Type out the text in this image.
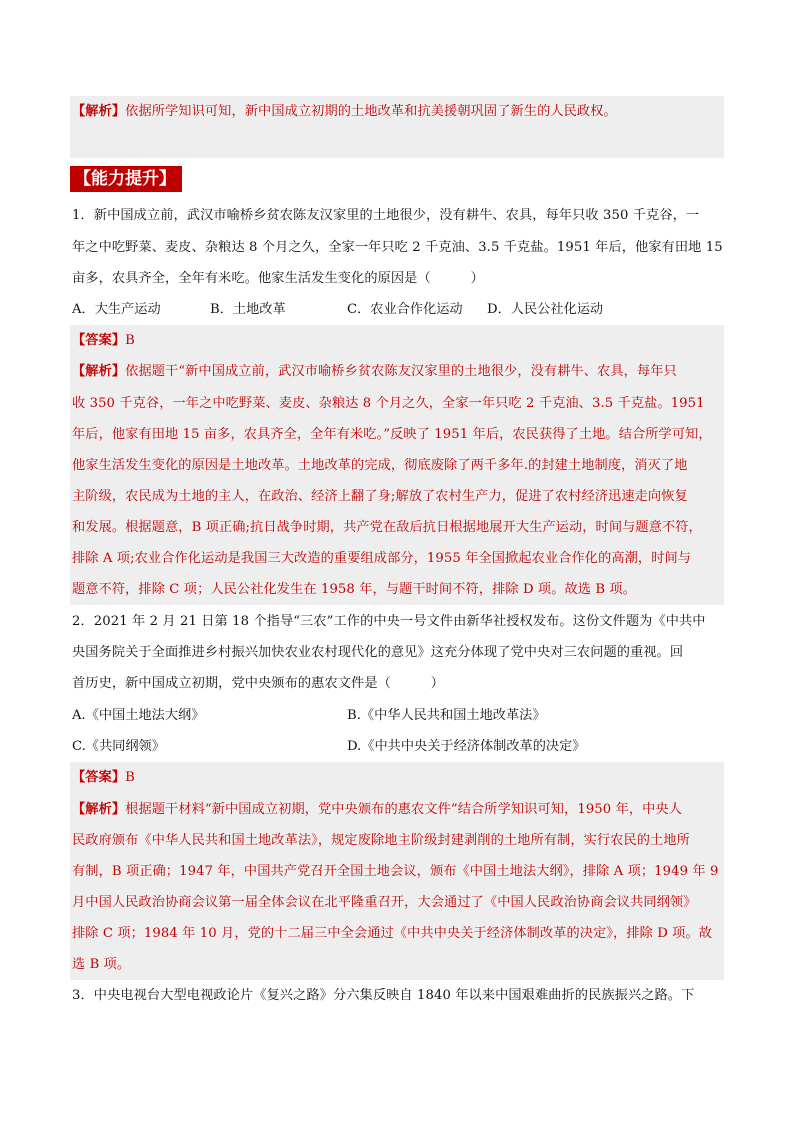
【解析】依据所学知识可知，新中国成立初期的土地改革和抗美援朝巩固了新生的人民政权。
【能力提升】
1．新中国成立前，武汉市喻桥乡贫农陈友汉家里的土地很少，没有耕牛、农具，每年只收 350 千克谷，一
年之中吃野菜、麦皮、杂粮达 8 个月之久，全家一年只吃 2 千克油、3.5 千克盐。1951 年后，他家有田地 15
亩多，农具齐全，全年有米吃。他家生活发生变化的原因是（　　　）
A．大生产运动	B．土地改革	C．农业合作化运动 D．人民公社化运动
【答案】B
【解析】依据题干“新中国成立前，武汉市喻桥乡贫农陈友汉家里的土地很少，没有耕牛、农具，每年只
收 350 千克谷，一年之中吃野菜、麦皮、杂粮达 8 个月之久，全家一年只吃 2 千克油、3.5 千克盐。1951
年后，他家有田地 15 亩多，农具齐全，全年有米吃。”反映了 1951 年后，农民获得了土地。结合所学可知，
他家生活发生变化的原因是土地改革。土地改革的完成，彻底废除了两千多年.的封建土地制度，消灭了地
主阶级，农民成为土地的主人，在政治、经济上翻了身;解放了农村生产力，促进了农村经济迅速走向恢复
和发展。根据题意，B 项正确;抗日战争时期，共产党在敌后抗日根据地展开大生产运动，时间与题意不符，
排除 A 项;农业合作化运动是我国三大改造的重要组成部分，1955 年全国掀起农业合作化的高潮，时间与
题意不符，排除 C 项；人民公社化发生在 1958 年，与题干时间不符，排除 D 项。故选 B 项。
2．2021 年 2 月 21 日第 18 个指导“三农”工作的中央一号文件由新华社授权发布。这份文件题为《中共中
央国务院关于全面推进乡村振兴加快农业农村现代化的意见》这充分体现了党中央对三农问题的重视。回
首历史，新中国成立初期，党中央颁布的惠农文件是（　　　）
A.《中国土地法大纲》	B.《中华人民共和国土地改革法》
C.《共同纲领》	D.《中共中央关于经济体制改革的决定》
【答案】B
【解析】根据题干材料“新中国成立初期，党中央颁布的惠农文件”结合所学知识可知，1950 年，中央人
民政府颁布《中华人民共和国土地改革法》，规定废除地主阶级封建剥削的土地所有制，实行农民的土地所
有制，B 项正确；1947 年，中国共产党召开全国土地会议，颁布《中国土地法大纲》，排除 A 项；1949 年 9
月中国人民政治协商会议第一届全体会议在北平隆重召开，大会通过了《中国人民政治协商会议共同纲领》
排除 C 项；1984 年 10 月，党的十二届三中全会通过《中共中央关于经济体制改革的决定》，排除 D 项。故
选 B 项。
3．中央电视台大型电视政论片《复兴之路》分六集反映自 1840 年以来中国艰难曲折的民族振兴之路。下
